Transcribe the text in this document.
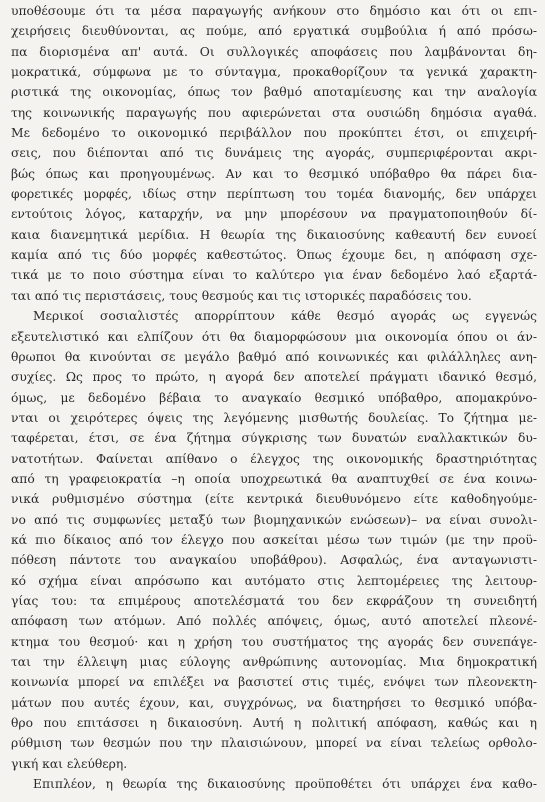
υποθέσουμε ότι τα μέσα παραγωγής ανήκουν στο δημόσιο και ότι οι επι-
χειρήσεις διευθύνονται, ας πούμε, από εργατικά συμβούλια ή από πρόσω-
πα διορισμένα απ' αυτά. Οι συλλογικές αποφάσεις που λαμβάνονται δη-
μοκρατικά, σύμφωνα με το σύνταγμα, προκαθορίζουν τα γενικά χαρακτη-
ριστικά της οικονομίας, όπως τον βαθμό αποταμίευσης και την αναλογία
της κοινωνικής παραγωγής που αφιερώνεται στα ουσιώδη δημόσια αγαθά.
Με δεδομένο το οικονομικό περιβάλλον που προκύπτει έτσι, οι επιχειρή-
σεις, που διέπονται από τις δυνάμεις της αγοράς, συμπεριφέρονται ακρι-
βώς όπως και προηγουμένως. Αν και το θεσμικό υπόβαθρο θα πάρει δια-
φορετικές μορφές, ιδίως στην περίπτωση του τομέα διανομής, δεν υπάρχει
εντούτοις λόγος, καταρχήν, να μην μπορέσουν να πραγματοποιηθούν δί-
καια διανεμητικά μερίδια. Η θεωρία της δικαιοσύνης καθεαυτή δεν ευνοεί
καμία από τις δύο μορφές καθεστώτος. Όπως έχουμε δει, η απόφαση σχε-
τικά με το ποιο σύστημα είναι το καλύτερο για έναν δεδομένο λαό εξαρτά-
ται από τις περιστάσεις, τους θεσμούς και τις ιστορικές παραδόσεις του.
Μερικοί σοσιαλιστές απορρίπτουν κάθε θεσμό αγοράς ως εγγενώς
εξευτελιστικό και ελπίζουν ότι θα διαμορφώσουν μια οικονομία όπου οι άν-
θρωποι θα κινούνται σε μεγάλο βαθμό από κοινωνικές και φιλάλληλες ανη-
συχίες. Ως προς το πρώτο, η αγορά δεν αποτελεί πράγματι ιδανικό θεσμό,
όμως, με δεδομένο βέβαια το αναγκαίο θεσμικό υπόβαθρο, απομακρύνο-
νται οι χειρότερες όψεις της λεγόμενης μισθωτής δουλείας. Το ζήτημα με-
ταφέρεται, έτσι, σε ένα ζήτημα σύγκρισης των δυνατών εναλλακτικών δυ-
νατοτήτων. Φαίνεται απίθανο ο έλεγχος της οικονομικής δραστηριότητας
από τη γραφειοκρατία –η οποία υποχρεωτικά θα αναπτυχθεί σε ένα κοινω-
νικά ρυθμισμένο σύστημα (είτε κεντρικά διευθυνόμενο είτε καθοδηγούμε-
νο από τις συμφωνίες μεταξύ των βιομηχανικών ενώσεων)– να είναι συνολι-
κά πιο δίκαιος από τον έλεγχο που ασκείται μέσω των τιμών (με την προϋ-
πόθεση πάντοτε του αναγκαίου υποβάθρου). Ασφαλώς, ένα ανταγωνιστι-
κό σχήμα είναι απρόσωπο και αυτόματο στις λεπτομέρειες της λειτουρ-
γίας του: τα επιμέρους αποτελέσματά του δεν εκφράζουν τη συνειδητή
απόφαση των ατόμων. Από πολλές απόψεις, όμως, αυτό αποτελεί πλεονέ-
κτημα του θεσμού· και η χρήση του συστήματος της αγοράς δεν συνεπάγε-
ται την έλλειψη μιας εύλογης ανθρώπινης αυτονομίας. Μια δημοκρατική
κοινωνία μπορεί να επιλέξει να βασιστεί στις τιμές, ενόψει των πλεονεκτη-
μάτων που αυτές έχουν, και, συγχρόνως, να διατηρήσει το θεσμικό υπόβα-
θρο που επιτάσσει η δικαιοσύνη. Αυτή η πολιτική απόφαση, καθώς και η
ρύθμιση των θεσμών που την πλαισιώνουν, μπορεί να είναι τελείως ορθολο-
γική και ελεύθερη.
Επιπλέον, η θεωρία της δικαιοσύνης προϋποθέτει ότι υπάρχει ένα καθο-
